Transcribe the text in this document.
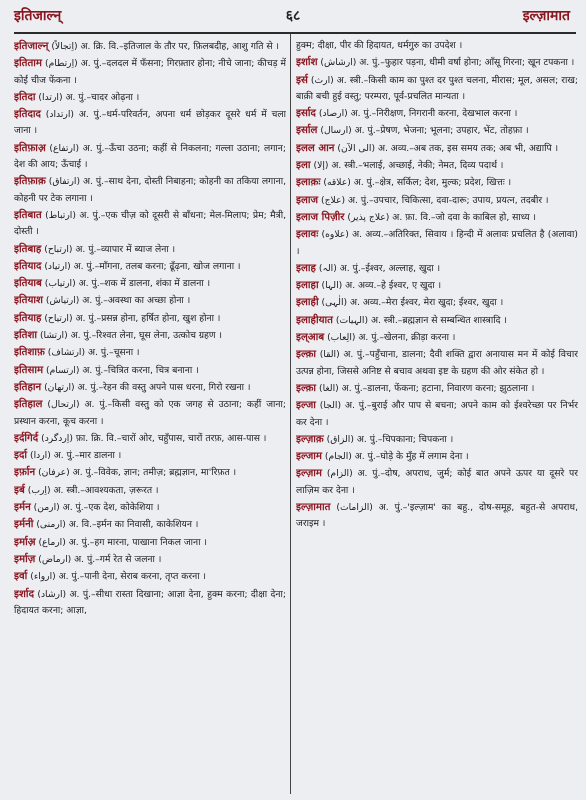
इतिजाल्न्	६८	इल्ज़ामात

इतिजाल्न् (اِتجالاً) अ. क्रि. वि.–इतिजाल के तौर पर, फ़िलबदीह, आशु गति से ।

इतिताम (اِرتطام) अ. पुं.–दलदल में फँसना; गिरफ़्तार होना; नीचे जाना; कीचड़ में कोई चीज फेंकना ।

इतिदा (ارتدا) अ. पुं.–चादर ओढ़ना ।

इतिदाद (ارتداد) अ. पुं.–धर्म-परिवर्तन, अपना धर्म छोड़कर दूसरे धर्म में चला जाना ।

इतिफ़ाअ़ (ارتفاع) अ. पुं.–ऊँचा उठना; कहीं से निकलना; गल्ला उठाना; लगान; देश की आय; ऊँचाई ।

इतिफ़ाक़ (ارتفاق) अ. पुं.–साथ देना, दोस्ती निबाहना; कोहनी का तकिया लगाना, कोहनी पर टेक लगाना ।

इतिबात (ارتباط) अ. पुं.–एक चीज़ को दूसरी से बाँधना; मेल-मिलाप; प्रेम; मैत्री, दोस्ती ।

इतिबाह (ارتباح) अ. पुं.–व्यापार में ब्याज लेना ।

इतियाद (ارتياد) अ. पुं.–माँगना, तलब करना; ढूँढ़ना, खोज लगाना ।

इतियाब (ارتياب) अ. पुं.–शक में डालना, शंका में डालना ।

इतियाश (ارتياش) अ. पुं.–अवस्था का अच्छा होना ।

इतियाह (ارتياح) अ. पुं.–प्रसन्न होना, हर्षित होना, खुश होना ।

इतिशा (ارتشا) अ. पुं.–रिश्वत लेना, घूस लेना, उत्कोच ग्रहण ।

इतिशाफ़ (ارتشاف) अ. पुं.–चूसना ।

इतिसाम (ارتسام) अ. पुं.–चित्रित करना, चित्र बनाना ।

इतिहान (ارتهان) अ. पुं.–रेहन की वस्तु अपने पास धरना, गिरो रखना ।

इतिहाल (ارتحال) अ. पुं.–किसी वस्तु को एक जगह से उठाना; कहीं जाना; प्रस्थान करना, कूच करना ।

इर्दगिर्द (اِردگرد) फ़ा. क्रि. वि.–चारों ओर, चहुँपास, चारों तरफ़, आस-पास ।

इर्दा (اردا) अ. पुं.–मार डालना ।

इर्फ़ान (عرفان) अ. पुं.–विवेक, ज्ञान; तमीज़; ब्रह्मज्ञान, मा'रिफ़त ।

इर्ब (اِرب) अ. स्त्री.–आवश्यकता, ज़रूरत ।

इर्मन (ارمن) अ. पुं.–एक देश, कोकेशिया ।

इर्मनी (ارمنی) अ. वि.–इर्मन का निवासी, काकेशियन ।

इर्माअ़ (ارماع) अ. पुं.–हग मारना, पाखाना निकल जाना ।

इर्माज़ (ارماض) अ. पुं.–गर्म रेत से जलना ।

इर्वा (ارواء) अ. पुं.–पानी देना, सेराब करना, तृप्त करना ।

इर्शाद (ارشاد) अ. पुं.–सीधा रास्ता दिखाना; आज्ञा देना, हुक्म करना; दीक्षा देना; हिदायत करना; आज्ञा,

हुक्म; दीक्षा, पीर की हिदायत, धर्मगुरु का उपदेश ।

इर्शाश (ارشاش) अ. पुं.–फुहार पड़ना, धीमी वर्षा होना; आँसू गिरना; खून टपकना ।

इर्स (ارث) अ. स्त्री.–किसी काम का पुश्त दर पुश्त चलना, मीरास; मूल, असल; राख; बाक़ी बची हुई वस्तु; परम्परा, पूर्व-प्रचलित मान्यता ।

इर्साद (ارصاد) अ. पुं.–निरीक्षण, निगरानी करना, देखभाल करना ।

इर्साल (ارسال) अ. पुं.–प्रेषण, भेजना; भूलना; उपहार, भेंट, तोहफ़ा ।

इलल आन (الی الآن) अ. अव्य.–अब तक, इस समय तक; अब भी, अद्यापि ।

इला (إلا) अ. स्त्री.–भलाई, अच्छाई, नेकी; नेमत, दिव्य पदार्थ ।

इलाक़ः (علاقه) अ. पुं.–क्षेत्र, सर्किल; देश, मुल्क; प्रदेश, खित्तः ।

इलाज (علاج) अ. पुं.–उपचार, चिकित्सा, दवा-दारू; उपाय, प्रयत्न, तदबीर ।

इलाज पिज़ीर (علاج پذیر) अ. फ़ा. वि.–जो दवा के काबिल हो, साध्य ।

इलावः (علاوه) अ. अव्य.–अतिरिक्त, सिवाय । हिन्दी में अलावः प्रचलित है (अलावा) ।

इलाह (الہ) अ. पुं.–ईश्वर, अल्लाह, खुदा ।

इलाहा (الہا) अ. अव्य.–हे ईश्वर, ए खुदा ।

इलाही (الٰہی) अ. अव्य.–मेरा ईश्वर, मेरा खुदा; ईश्वर, खुदा ।

इलाहीयात (الہیات) अ. स्त्री.–ब्रह्मज्ञान से सम्बन्धित शास्त्रादि ।

इल्आब (الِعاب) अ. पुं.–खेलना, क्रीड़ा करना ।

इल्क़ा (القا) अ. पुं.–पहुँचाना, डालना; दैवी शक्ति द्वारा अनायास मन में कोई विचार उत्पन्न होना, जिससे अनिष्ट से बचाव अथवा इष्ट के ग्रहण की ओर संकेत हो ।

इल्क़ा (الغا) अ. पुं.–डालना, फेंकना; हटाना, निवारण करना; झुठलाना ।

इल्जा (الجا) अ. पुं.–बुराई और पाप से बचना; अपने काम को ईश्वरेच्छा पर निर्भर कर देना ।

इल्ज़ाक़ (الزاق) अ. पुं.–चिपकाना; चिपकना ।

इल्जाम (الجام) अ. पुं.–घोड़े के मुँह में लगाम देना ।

इल्ज़ाम (الزام) अ. पुं.–दोष, अपराध, जुर्म; कोई बात अपने ऊपर या दूसरे पर लाज़िम कर देना ।

इल्ज़ामात (الزامات) अ. पुं.–'इल्ज़ाम' का बहु., दोष-समूह, बहुत-से अपराध, जराइम ।
